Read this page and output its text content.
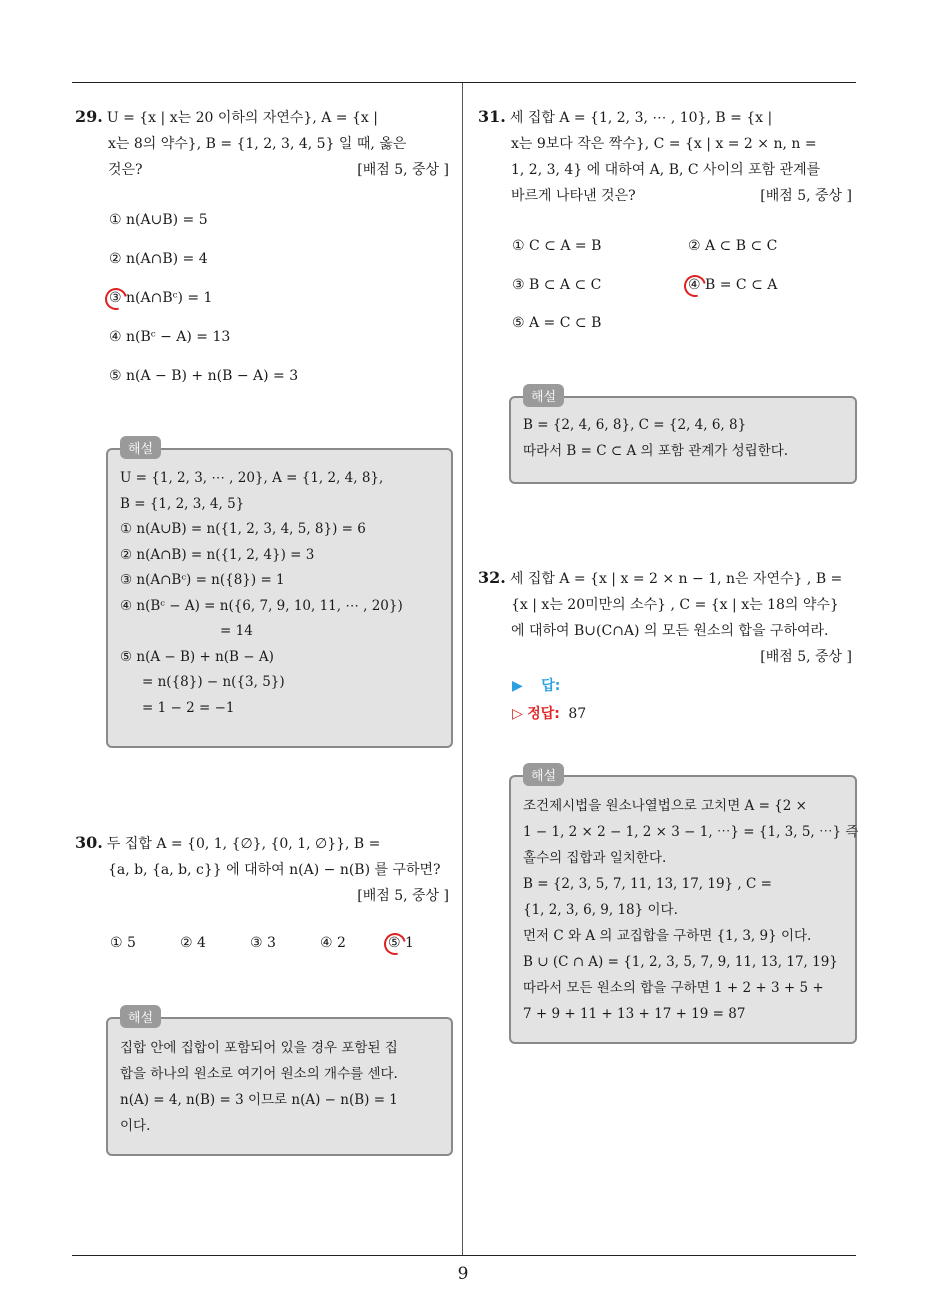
9
29. U = {x | x는 20 이하의 자연수}, A = {x |
x는 8의 약수}, B = {1, 2, 3, 4, 5} 일 때, 옳은
것은?	[배점 5, 중상 ]
① n(A∪B) = 5
② n(A∩B) = 4
③ n(A∩Bᶜ) = 1
④ n(Bᶜ − A) = 13
⑤ n(A − B) + n(B − A) = 3
해설
U = {1, 2, 3, ⋯ , 20}, A = {1, 2, 4, 8},
B = {1, 2, 3, 4, 5}
① n(A∪B) = n({1, 2, 3, 4, 5, 8}) = 6
② n(A∩B) = n({1, 2, 4}) = 3
③ n(A∩Bᶜ) = n({8}) = 1
④ n(Bᶜ − A) = n({6, 7, 9, 10, 11, ⋯ , 20})
= 14
⑤ n(A − B) + n(B − A)
= n({8}) − n({3, 5})
= 1 − 2 = −1
30. 두 집합 A = {0, 1, {∅}, {0, 1, ∅}}, B =
{a, b, {a, b, c}} 에 대하여 n(A) − n(B) 를 구하면?
[배점 5, 중상 ]
① 5	② 4	③ 3	④ 2	⑤ 1
해설
집합 안에 집합이 포함되어 있을 경우 포함된 집
합을 하나의 원소로 여기어 원소의 개수를 센다.
n(A) = 4, n(B) = 3 이므로 n(A) − n(B) = 1
이다.
31. 세 집합 A = {1, 2, 3, ⋯ , 10}, B = {x |
x는 9보다 작은 짝수}, C = {x | x = 2 × n, n =
1, 2, 3, 4} 에 대하여 A, B, C 사이의 포함 관계를
바르게 나타낸 것은?	[배점 5, 중상 ]
① C ⊂ A = B	② A ⊂ B ⊂ C
③ B ⊂ A ⊂ C	④ B = C ⊂ A
⑤ A = C ⊂ B
해설
B = {2, 4, 6, 8}, C = {2, 4, 6, 8}
따라서 B = C ⊂ A 의 포함 관계가 성립한다.
32. 세 집합 A = {x | x = 2 × n − 1, n은 자연수} , B =
{x | x는 20미만의 소수} , C = {x | x는 18의 약수}
에 대하여 B∪(C∩A) 의 모든 원소의 합을 구하여라.
[배점 5, 중상 ]
▶ 답:
▷ 정답: 87
해설
조건제시법을 원소나열법으로 고치면 A = {2 ×
1 − 1, 2 × 2 − 1, 2 × 3 − 1, ⋯} = {1, 3, 5, ⋯} 즉
홀수의 집합과 일치한다.
B = {2, 3, 5, 7, 11, 13, 17, 19} , C =
{1, 2, 3, 6, 9, 18} 이다.
먼저 C 와 A 의 교집합을 구하면 {1, 3, 9} 이다.
B ∪ (C ∩ A) = {1, 2, 3, 5, 7, 9, 11, 13, 17, 19}
따라서 모든 원소의 합을 구하면 1 + 2 + 3 + 5 +
7 + 9 + 11 + 13 + 17 + 19 = 87
